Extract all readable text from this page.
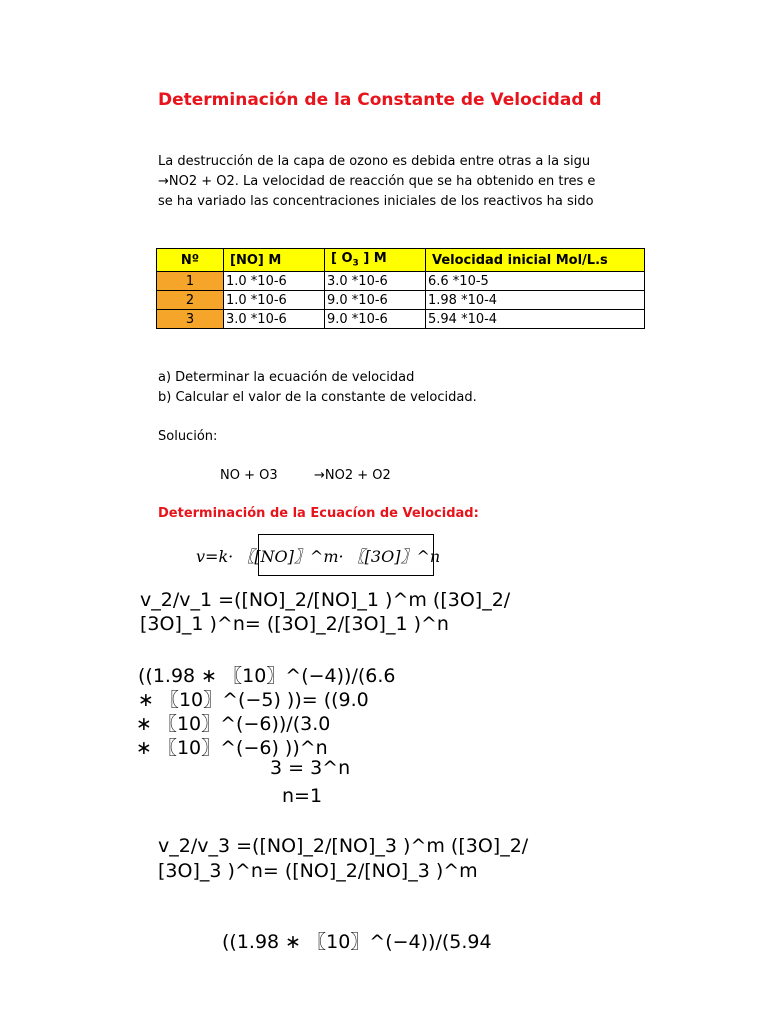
Determinación de la Constante de Velocidad d
La destrucción de la capa de ozono es debida entre otras a la sigu
→NO2 + O2. La velocidad de reacción que se ha obtenido en tres e
se ha variado las concentraciones iniciales de los reactivos ha sido
Nº	[NO] M	[ $O_3$ ] M	Velocidad inicial Mol/L.s
1	1.0 *10-6	3.0 *10-6	6.6 *10-5
2	1.0 *10-6	9.0 *10-6	1.98 *10-4
3	3.0 *10-6	9.0 *10-6	5.94 *10-4
a) Determinar la ecuación de velocidad
b) Calcular el valor de la constante de velocidad.
Solución:
NO + O3	→NO2 + O2
Determinación de la Ecuacíon de Velocidad:
v=k· 〖[NO]〗^m· 〖[3O]〗^n
v_2/v_1 =([NO]_2/[NO]_1 )^m ([3O]_2/
[3O]_1 )^n= ([3O]_2/[3O]_1 )^n
((1.98 ∗ 〖10〗^(−4))/(6.6
∗ 〖10〗^(−5) ))= ((9.0
∗ 〖10〗^(−6))/(3.0
∗ 〖10〗^(−6) ))^n
3 = 3^n
n=1
v_2/v_3 =([NO]_2/[NO]_3 )^m ([3O]_2/
[3O]_3 )^n= ([NO]_2/[NO]_3 )^m
((1.98 ∗ 〖10〗^(−4))/(5.94
